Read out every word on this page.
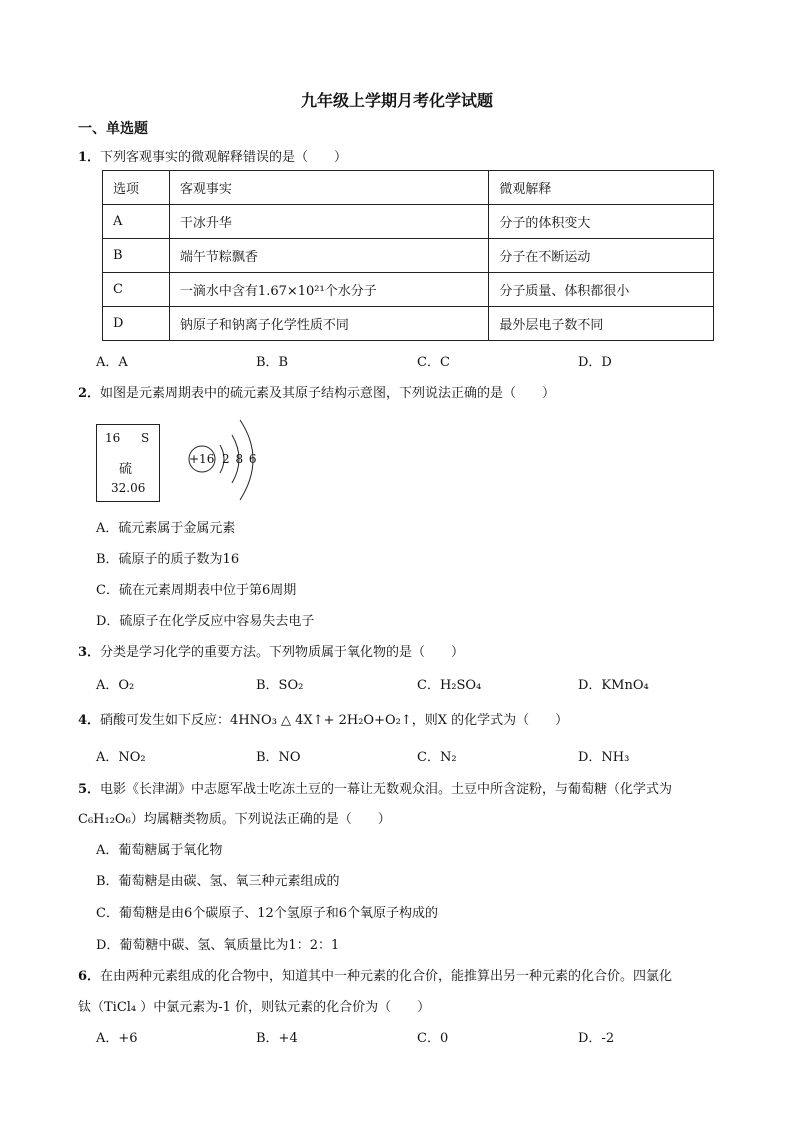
九年级上学期月考化学试题
一、单选题
1．下列客观事实的微观解释错误的是（　　）
选项	客观事实	微观解释
A	干冰升华	分子的体积变大
B	端午节粽飘香	分子在不断运动
C	一滴水中含有1.67×10²¹个水分子	分子质量、体积都很小
D	钠原子和钠离子化学性质不同	最外层电子数不同
A．A	B．B	C．C	D．D
2．如图是元素周期表中的硫元素及其原子结构示意图，下列说法正确的是（　　）
16 S
硫
32.06
+16 2 8 6
A．硫元素属于金属元素
B．硫原子的质子数为16
C．硫在元素周期表中位于第6周期
D．硫原子在化学反应中容易失去电子
3．分类是学习化学的重要方法。下列物质属于氧化物的是（　　）
A．O₂	B．SO₂	C．H₂SO₄	D．KMnO₄
4．硝酸可发生如下反应：4HNO₃ △ 4X↑+ 2H₂O+O₂↑，则X 的化学式为（　　）
A．NO₂	B．NO	C．N₂	D．NH₃
5．电影《长津湖》中志愿军战士吃冻土豆的一幕让无数观众泪。土豆中所含淀粉，与葡萄糖（化学式为
C₆H₁₂O₆）均属糖类物质。下列说法正确的是（　　）
A．葡萄糖属于氧化物
B．葡萄糖是由碳、氢、氧三种元素组成的
C．葡萄糖是由6个碳原子、12个氢原子和6个氧原子构成的
D．葡萄糖中碳、氢、氧质量比为1：2：1
6．在由两种元素组成的化合物中，知道其中一种元素的化合价，能推算出另一种元素的化合价。四氯化
钛（TiCl₄ ）中氯元素为-1 价，则钛元素的化合价为（　　）
A．+6	B．+4	C．0	D．-2
